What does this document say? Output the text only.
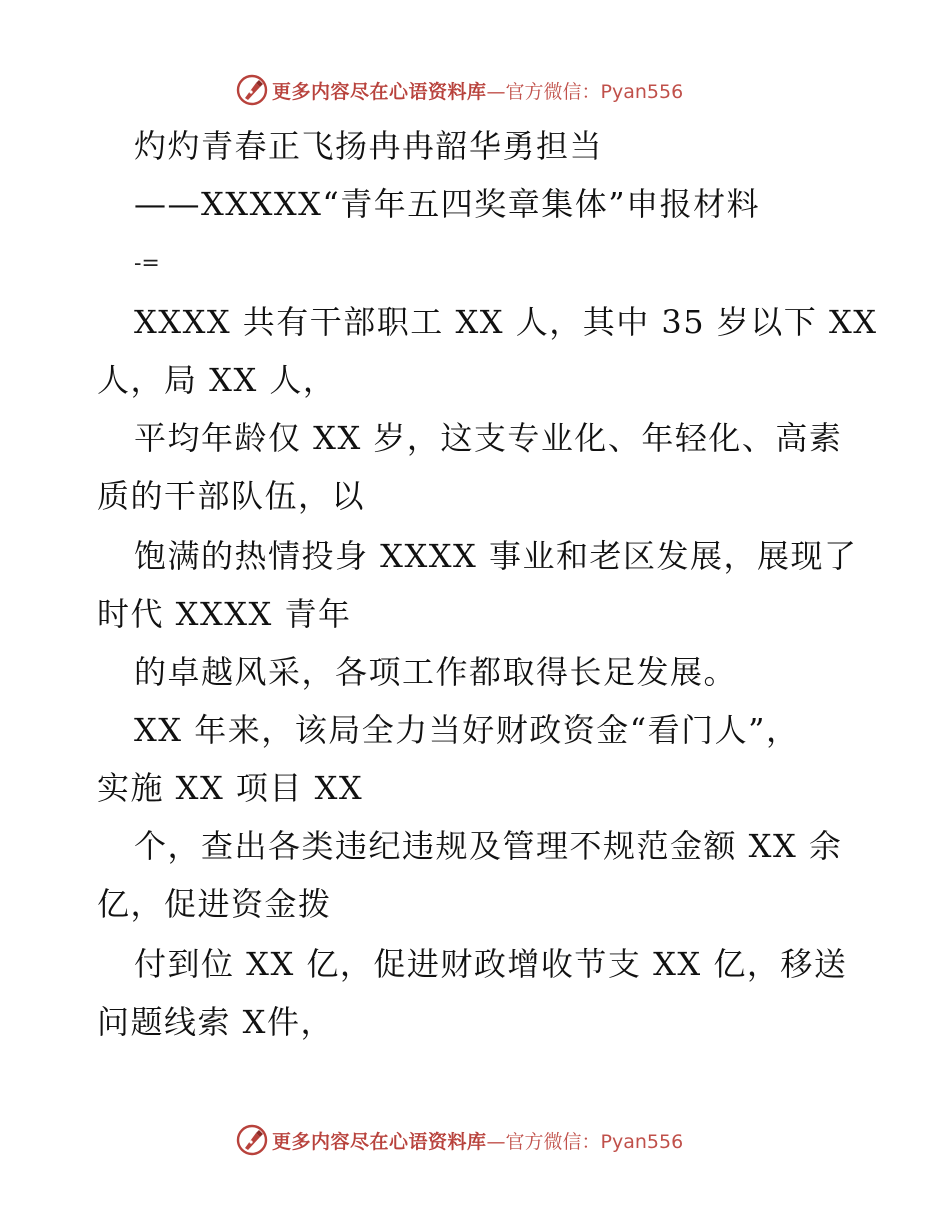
更多内容尽在心语资料库 —官方微信：Pyan556
灼灼青春正飞扬冉冉韶华勇担当
——XXXXX“青年五四奖章集体”申报材料
-=
XXXX 共有干部职工 XX 人，其中 35 岁以下 XX
人，局 XX 人，
平均年龄仅 XX 岁，这支专业化、年轻化、高素
质的干部队伍，以
饱满的热情投身 XXXX 事业和老区发展，展现了
时代 XXXX 青年
的卓越风采，各项工作都取得长足发展。
XX 年来，该局全力当好财政资金“看门人”，
实施 XX 项目 XX
个，查出各类违纪违规及管理不规范金额 XX 余
亿，促进资金拨
付到位 XX 亿，促进财政增收节支 XX 亿，移送
问题线索 X件，
更多内容尽在心语资料库 —官方微信：Pyan556
